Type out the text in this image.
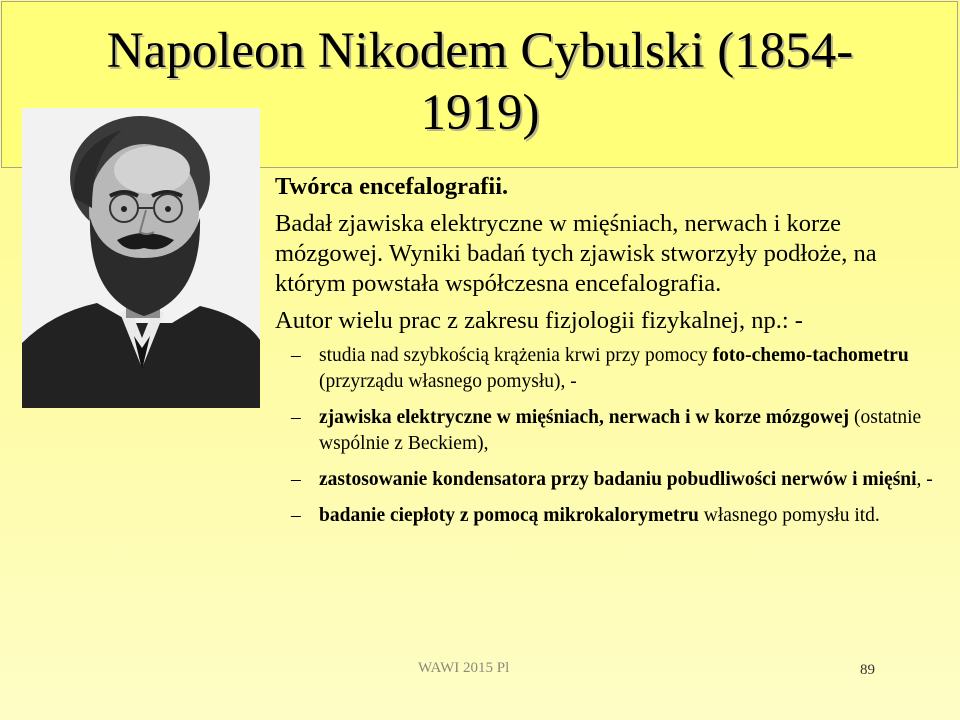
Napoleon Nikodem Cybulski (1854-
1919)

Twórca encefalografii.

Badał zjawiska elektryczne w mięśniach, nerwach i korze mózgowej. Wyniki badań tych zjawisk stworzyły podłoże, na którym powstała współczesna encefalografia.

Autor wielu prac z zakresu fizjologii fizykalnej, np.: -

– studia nad szybkością krążenia krwi przy pomocy foto-chemo-tachometru (przyrządu własnego pomysłu), -
– zjawiska elektryczne w mięśniach, nerwach i w korze mózgowej (ostatnie wspólnie z Beckiem),
– zastosowanie kondensatora przy badaniu pobudliwości nerwów i mięśni, -
– badanie ciepłoty z pomocą mikrokalorymetru własnego pomysłu itd.
WAWI 2015 Pl	89
